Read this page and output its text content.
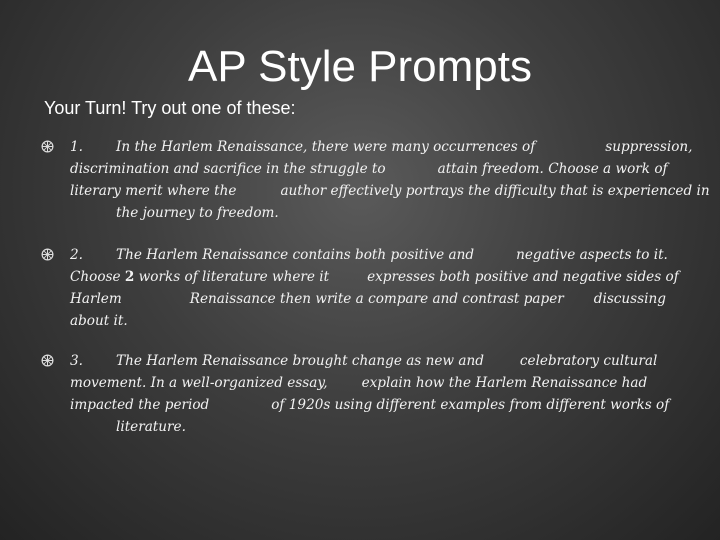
AP Style Prompts
Your Turn! Try out one of these:
1. In the Harlem Renaissance, there were many occurrences of	suppression,
discrimination and sacrifice in the struggle to	attain freedom. Choose a work of
literary merit where the	author effectively portrays the difficulty that is experienced in
the journey to freedom.
2. The Harlem Renaissance contains both positive and	negative aspects to it.
Choose 2 works of literature where it	expresses both positive and negative sides of
Harlem	Renaissance then write a compare and contrast paper discussing
about it.
3. The Harlem Renaissance brought change as new and	celebratory cultural
movement. In a well-organized essay,	explain how the Harlem Renaissance had
impacted the period	of 1920s using different examples from different works of
literature.
